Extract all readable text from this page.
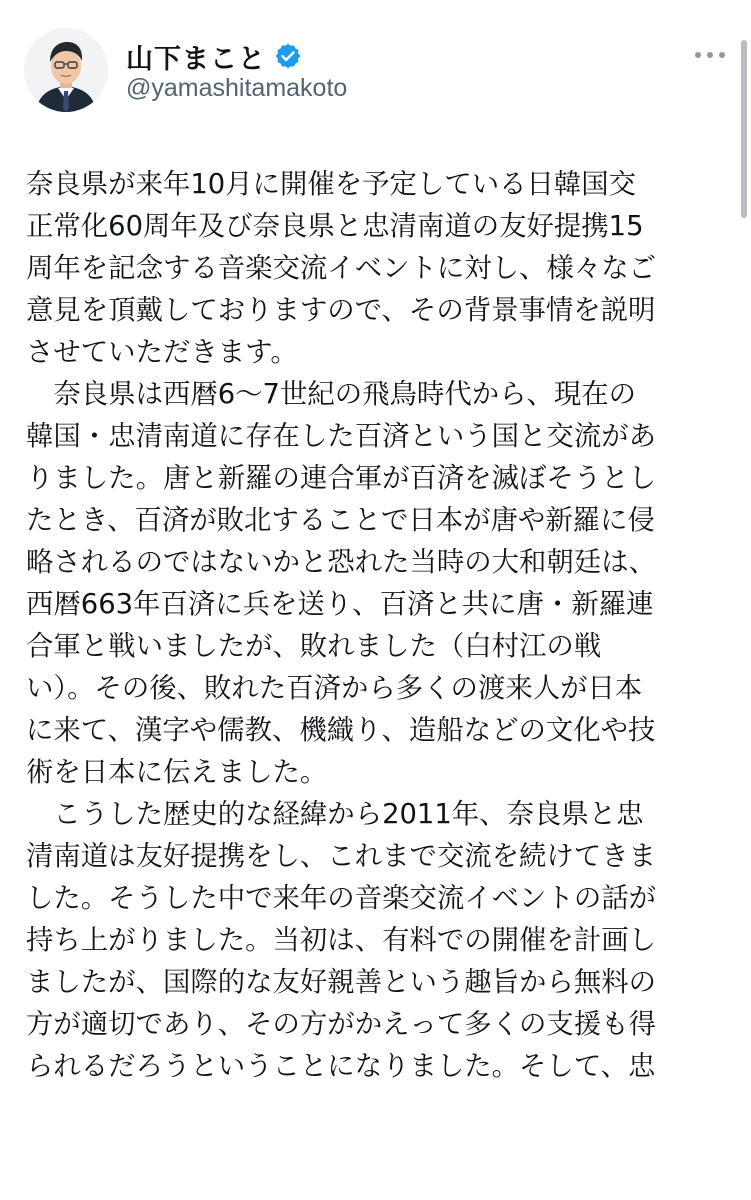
山下まこと
@yamashitamakoto
奈良県が来年10月に開催を予定している日韓国交
正常化60周年及び奈良県と忠清南道の友好提携15
周年を記念する音楽交流イベントに対し、様々なご
意見を頂戴しておりますので、その背景事情を説明
させていただきます。
　奈良県は西暦6〜7世紀の飛鳥時代から、現在の
韓国・忠清南道に存在した百済という国と交流があ
りました。唐と新羅の連合軍が百済を滅ぼそうとし
たとき、百済が敗北することで日本が唐や新羅に侵
略されるのではないかと恐れた当時の大和朝廷は、
西暦663年百済に兵を送り、百済と共に唐・新羅連
合軍と戦いましたが、敗れました（白村江の戦
い）。その後、敗れた百済から多くの渡来人が日本
に来て、漢字や儒教、機織り、造船などの文化や技
術を日本に伝えました。
　こうした歴史的な経緯から2011年、奈良県と忠
清南道は友好提携をし、これまで交流を続けてきま
した。そうした中で来年の音楽交流イベントの話が
持ち上がりました。当初は、有料での開催を計画し
ましたが、国際的な友好親善という趣旨から無料の
方が適切であり、その方がかえって多くの支援も得
られるだろうということになりました。そして、忠
